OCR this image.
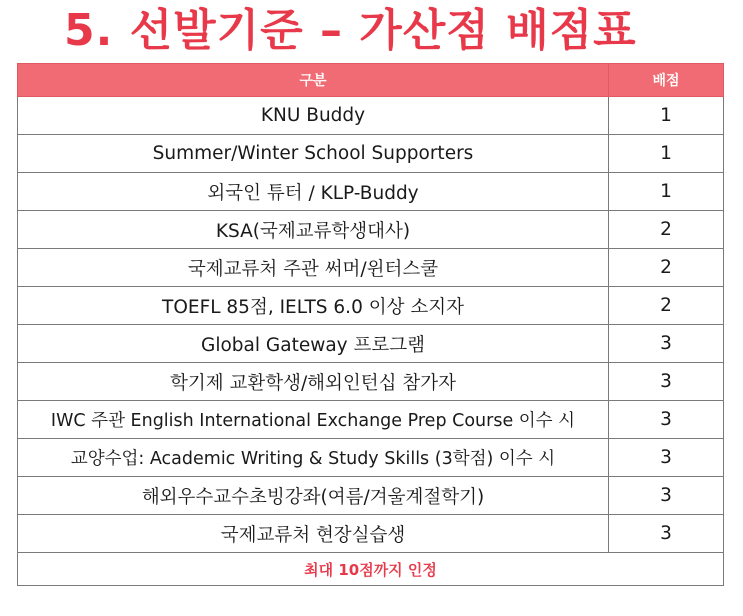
5. 선발기준 – 가산점 배점표
구분	배점
KNU Buddy	1
Summer/Winter School Supporters	1
외국인 튜터 / KLP-Buddy	1
KSA(국제교류학생대사)	2
국제교류처 주관 써머/윈터스쿨	2
TOEFL 85점, IELTS 6.0 이상 소지자	2
Global Gateway 프로그램	3
학기제 교환학생/해외인턴십 참가자	3
IWC 주관 English International Exchange Prep Course 이수 시	3
교양수업: Academic Writing & Study Skills (3학점) 이수 시	3
해외우수교수초빙강좌(여름/겨울계절학기)	3
국제교류처 현장실습생	3
최대 10점까지 인정	
